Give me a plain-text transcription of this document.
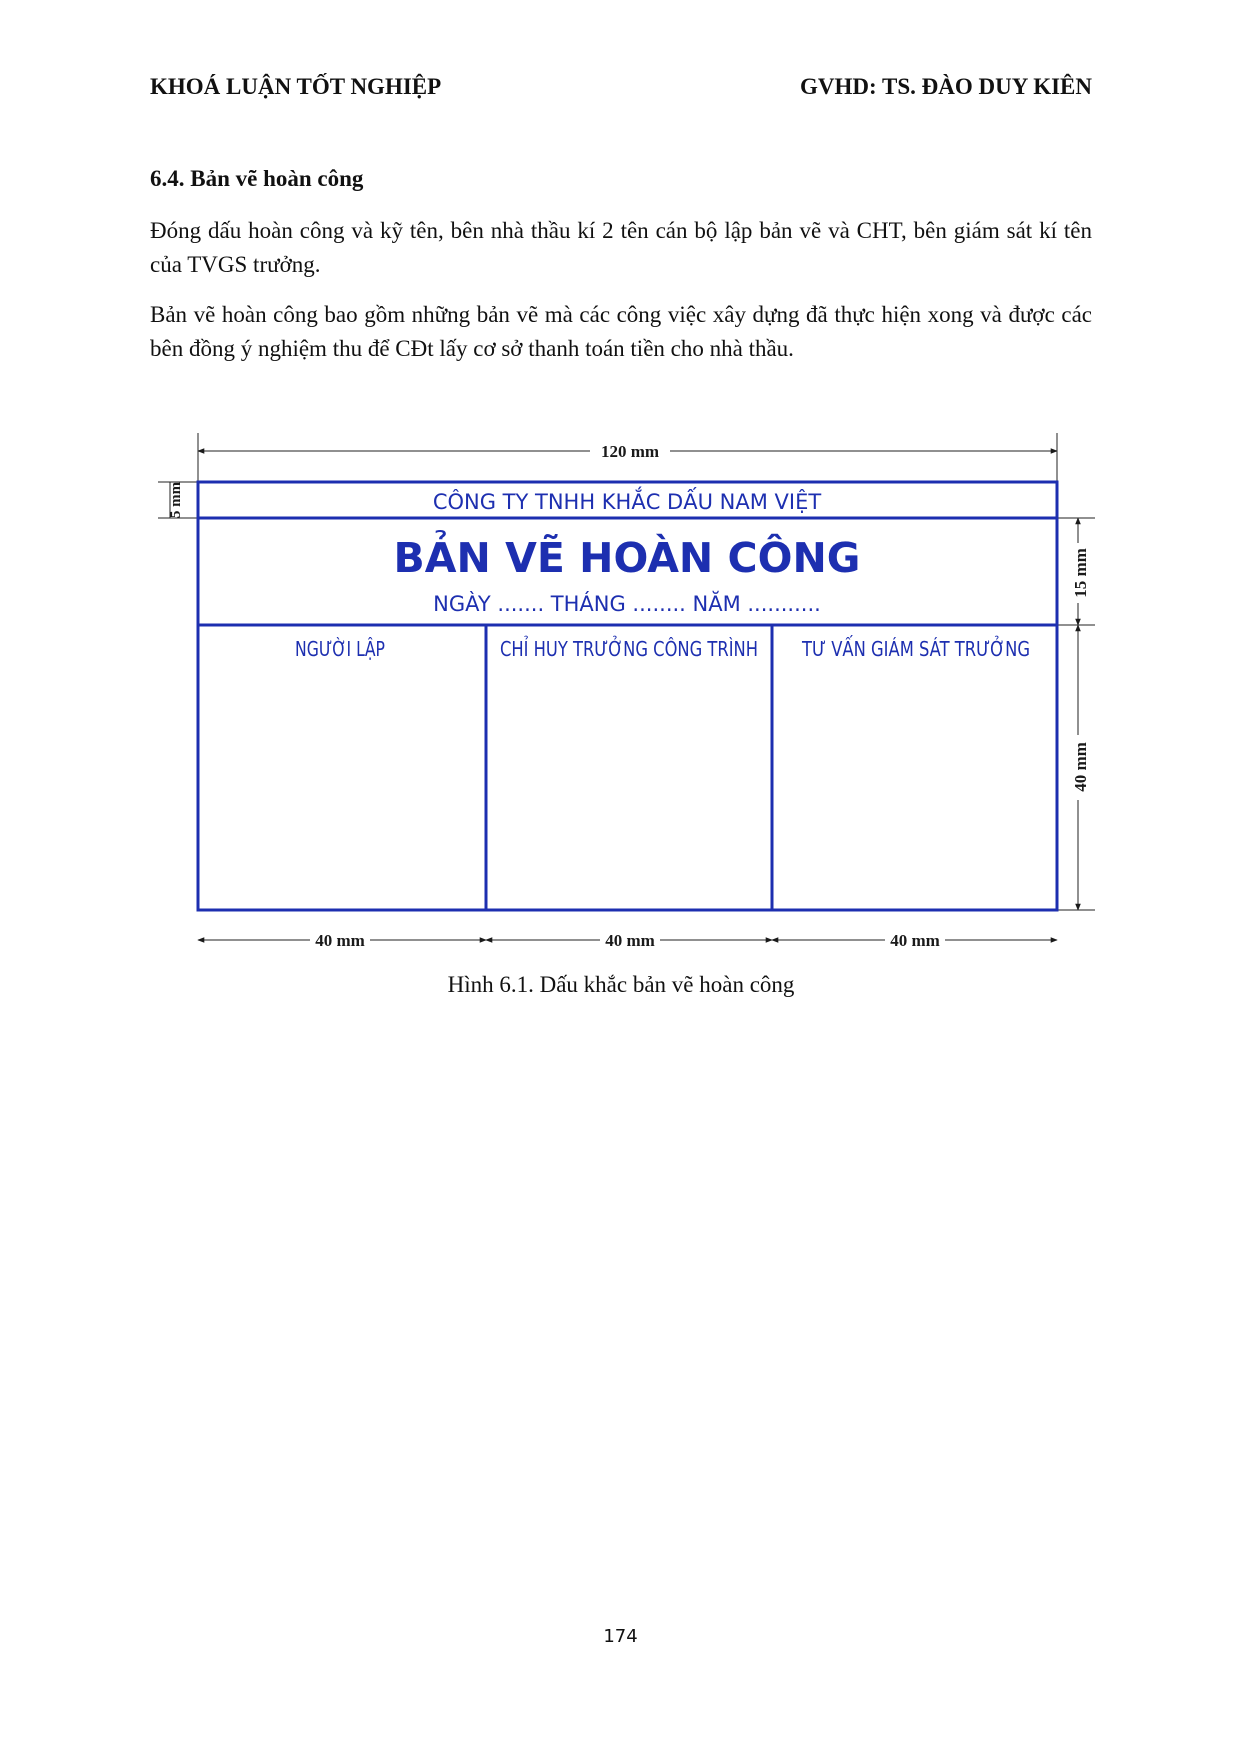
KHOÁ LUẬN TỐT NGHIỆP	GVHD: TS. ĐÀO DUY KIÊN
6.4. Bản vẽ hoàn công

Đóng dấu hoàn công và kỹ tên, bên nhà thầu kí 2 tên cán bộ lập bản vẽ và CHT, bên giám sát kí tên của TVGS trưởng.

Bản vẽ hoàn công bao gồm những bản vẽ mà các công việc xây dựng đã thực hiện xong và được các bên đồng ý nghiệm thu để CĐt lấy cơ sở thanh toán tiền cho nhà thầu.

120 mm
5 mm
15 mm
40 mm
40 mm	40 mm	40 mm
CÔNG TY TNHH KHẮC DẤU NAM VIỆT
BẢN VẼ HOÀN CÔNG
NGÀY ....... THÁNG ........ NĂM ...........
NGƯỜI LẬP	CHỈ HUY TRƯỞNG CÔNG TRÌNH
TƯ VẤN GIÁM SÁT TRƯỞNG

Hình 6.1. Dấu khắc bản vẽ hoàn công

174
